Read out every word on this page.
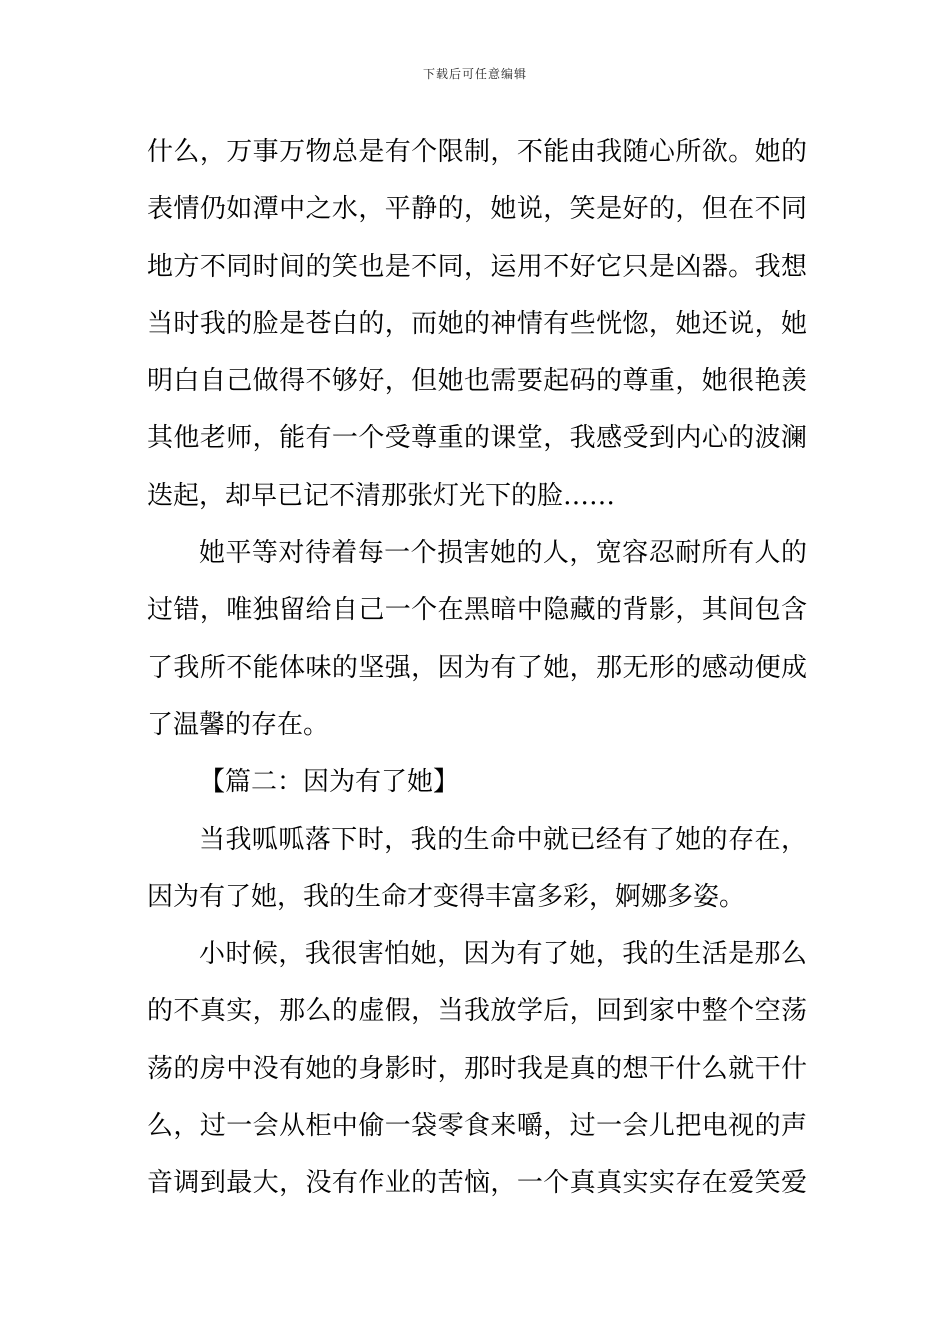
下载后可任意编辑
什么，万事万物总是有个限制，不能由我随心所欲。她的
表情仍如潭中之水，平静的，她说，笑是好的，但在不同
地方不同时间的笑也是不同，运用不好它只是凶器。我想
当时我的脸是苍白的，而她的神情有些恍惚，她还说，她
明白自己做得不够好，但她也需要起码的尊重，她很艳羡
其他老师，能有一个受尊重的课堂，我感受到内心的波澜
迭起，却早已记不清那张灯光下的脸……
她平等对待着每一个损害她的人，宽容忍耐所有人的
过错，唯独留给自己一个在黑暗中隐藏的背影，其间包含
了我所不能体味的坚强，因为有了她，那无形的感动便成
了温馨的存在。
【篇二：因为有了她】
当我呱呱落下时，我的生命中就已经有了她的存在，
因为有了她，我的生命才变得丰富多彩，婀娜多姿。
小时候，我很害怕她，因为有了她，我的生活是那么
的不真实，那么的虚假，当我放学后，回到家中整个空荡
荡的房中没有她的身影时，那时我是真的想干什么就干什
么，过一会从柜中偷一袋零食来嚼，过一会儿把电视的声
音调到最大，没有作业的苦恼，一个真真实实存在爱笑爱
